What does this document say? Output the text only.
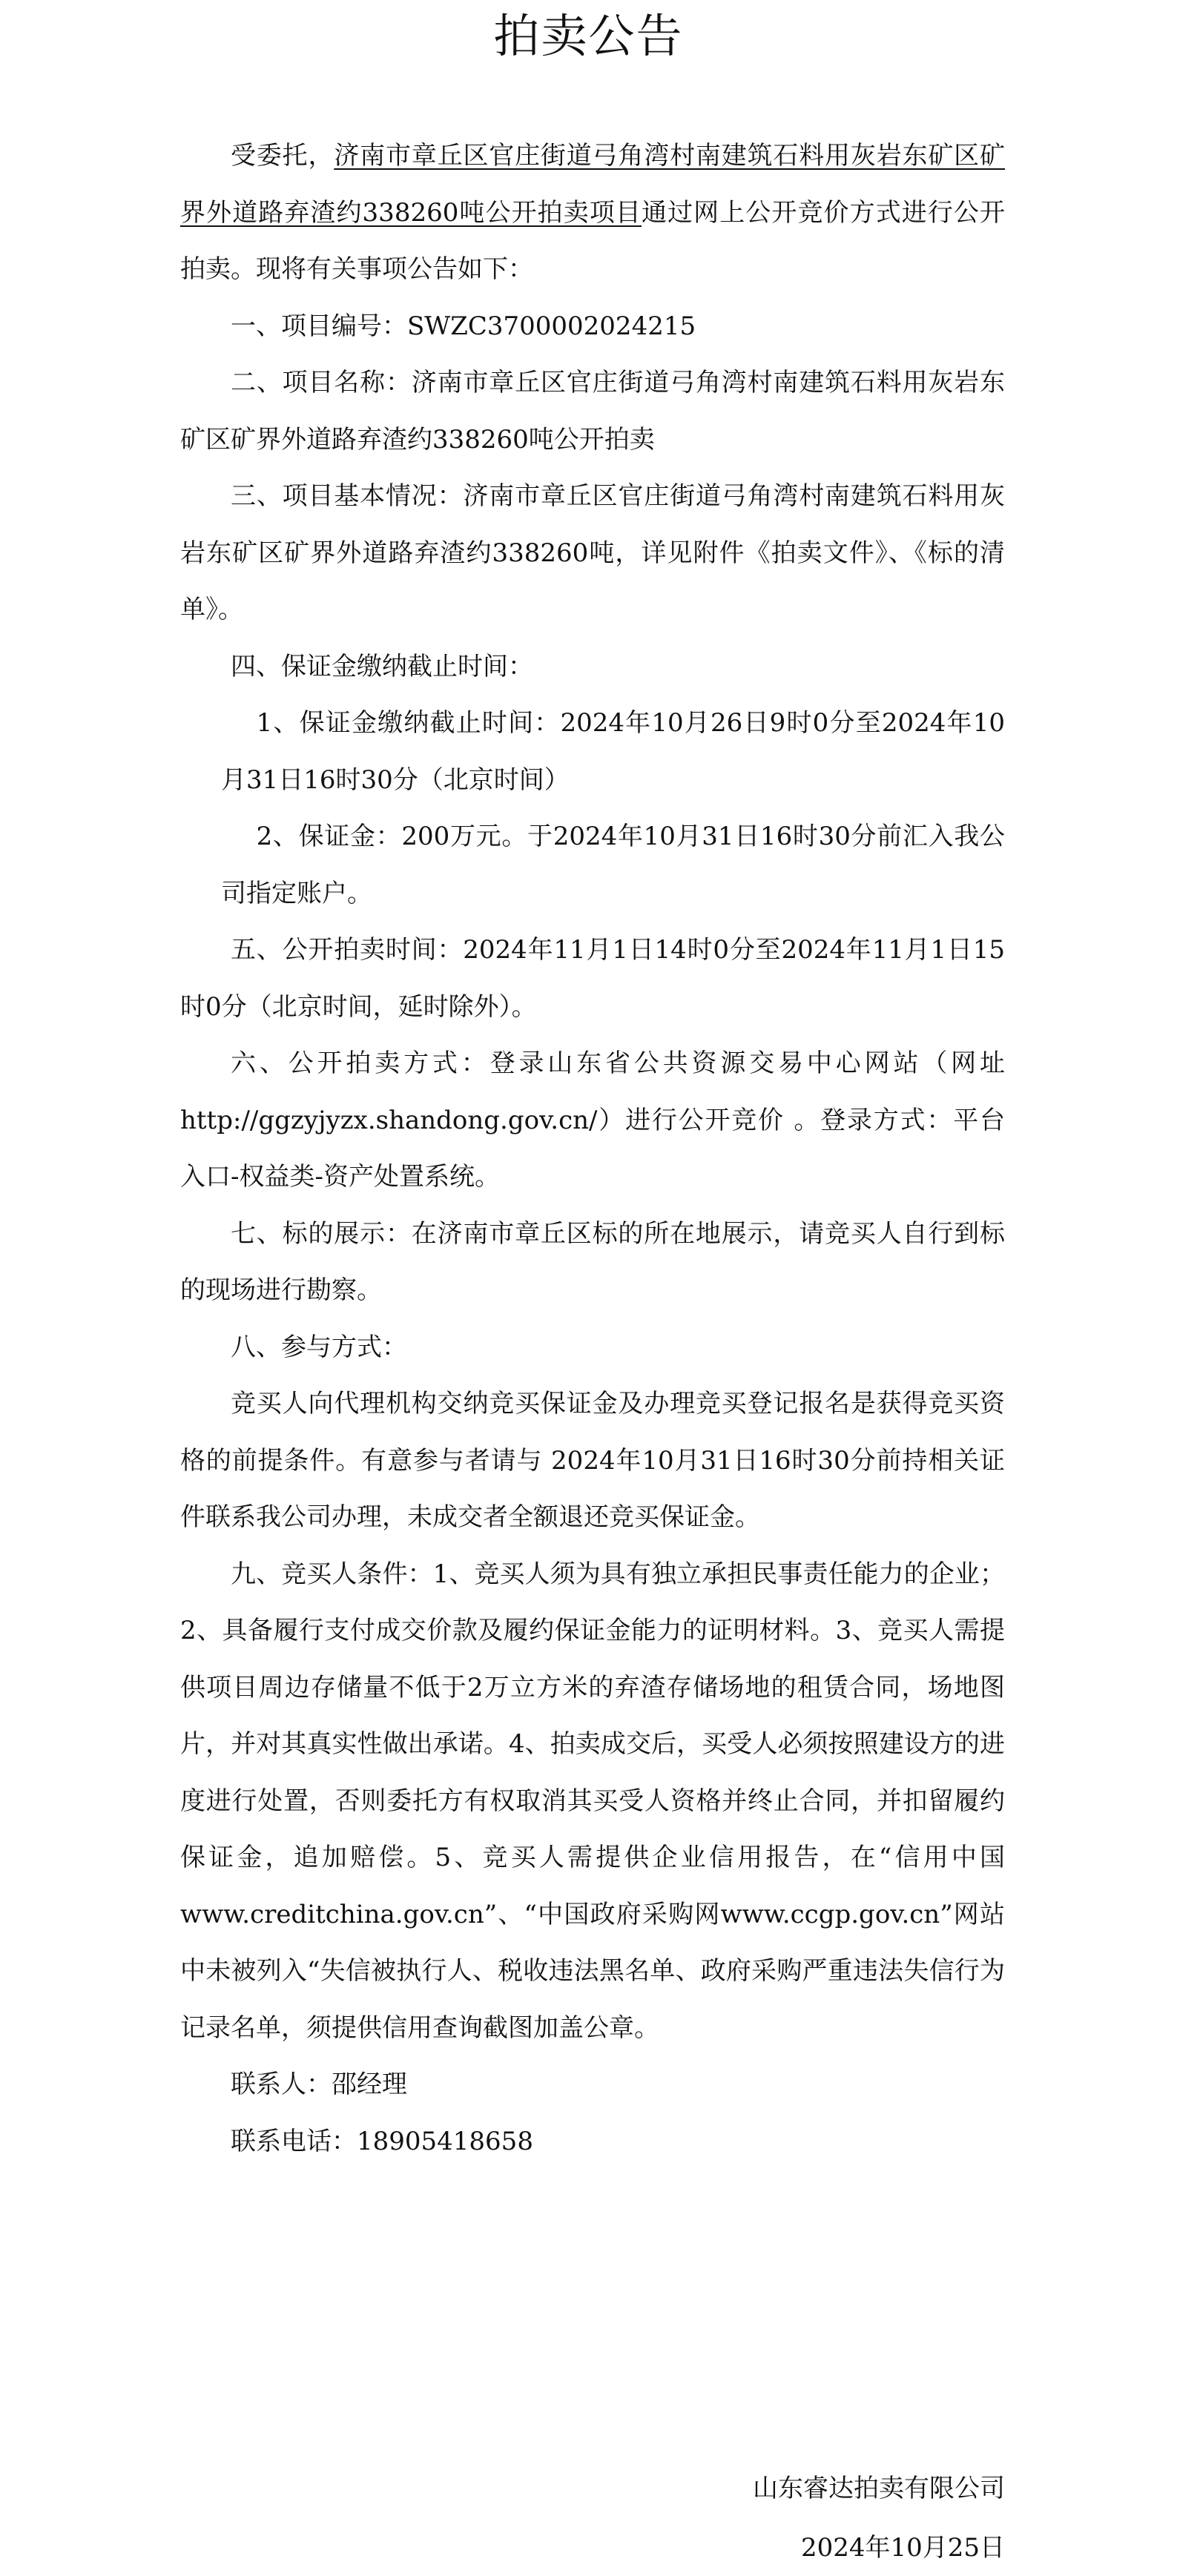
拍卖公告

受委托，济南市章丘区官庄街道弓角湾村南建筑石料用灰岩东矿区矿界外道路弃渣约338260吨公开拍卖项目通过网上公开竞价方式进行公开拍卖。现将有关事项公告如下：

一、项目编号：SWZC3700002024215

二、项目名称：济南市章丘区官庄街道弓角湾村南建筑石料用灰岩东矿区矿界外道路弃渣约338260吨公开拍卖

三、项目基本情况：济南市章丘区官庄街道弓角湾村南建筑石料用灰岩东矿区矿界外道路弃渣约338260吨，详见附件《拍卖文件》、《标的清单》。

四、保证金缴纳截止时间：

1、保证金缴纳截止时间：2024年10月26日9时0分至2024年10月31日16时30分（北京时间）

2、保证金：200万元。于2024年10月31日16时30分前汇入我公司指定账户。

五、公开拍卖时间：2024年11月1日14时0分至2024年11月1日15时0分（北京时间，延时除外）。

六、公开拍卖方式：登录山东省公共资源交易中心网站（网址http://ggzyjyzx.shandong.gov.cn/）进行公开竞价 。登录方式：平台入口-权益类-资产处置系统。

七、标的展示：在济南市章丘区标的所在地展示，请竞买人自行到标的现场进行勘察。

八、参与方式：

竞买人向代理机构交纳竞买保证金及办理竞买登记报名是获得竞买资格的前提条件。有意参与者请与 2024年10月31日16时30分前持相关证件联系我公司办理，未成交者全额退还竞买保证金。

九、竞买人条件：1、竞买人须为具有独立承担民事责任能力的企业；2、具备履行支付成交价款及履约保证金能力的证明材料。3、竞买人需提供项目周边存储量不低于2万立方米的弃渣存储场地的租赁合同，场地图片，并对其真实性做出承诺。4、拍卖成交后，买受人必须按照建设方的进度进行处置，否则委托方有权取消其买受人资格并终止合同，并扣留履约保证金，追加赔偿。5、竞买人需提供企业信用报告，在“信用中国 www.creditchina.gov.cn”、“中国政府采购网www.ccgp.gov.cn”网站中未被列入“失信被执行人、税收违法黑名单、政府采购严重违法失信行为记录名单，须提供信用查询截图加盖公章。

联系人：邵经理

联系电话：18905418658

山东睿达拍卖有限公司
2024年10月25日
